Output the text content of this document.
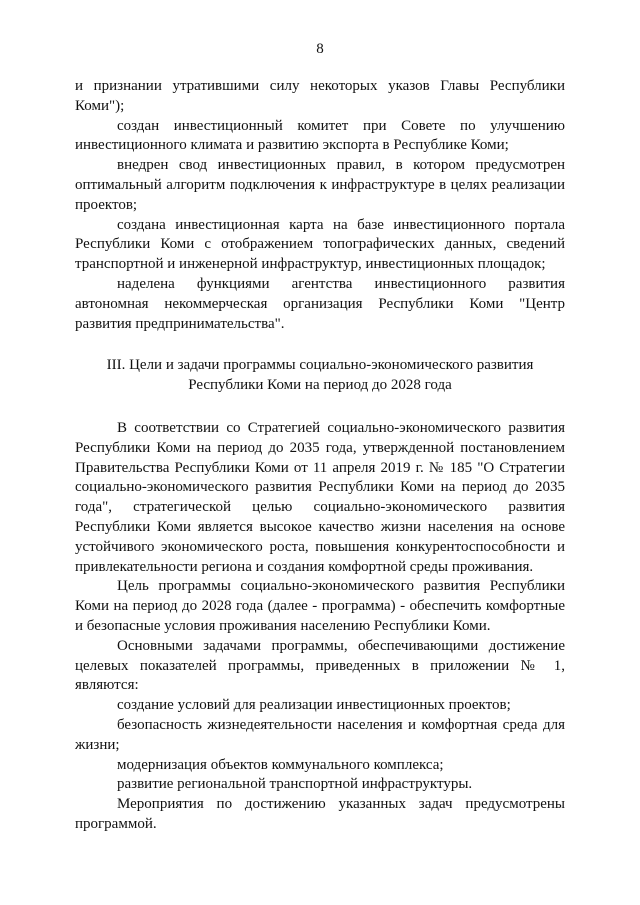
8

и признании утратившими силу некоторых указов Главы Республики Коми");

создан инвестиционный комитет при Совете по улучшению инвестиционного климата и развитию экспорта в Республике Коми;

внедрен свод инвестиционных правил, в котором предусмотрен оптимальный алгоритм подключения к инфраструктуре в целях реализации проектов;

создана инвестиционная карта на базе инвестиционного портала Республики Коми с отображением топографических данных, сведений транспортной и инженерной инфраструктур, инвестиционных площадок;

наделена функциями агентства инвестиционного развития автономная некоммерческая организация Республики Коми "Центр развития предпринимательства".

III. Цели и задачи программы социально-экономического развития

Республики Коми на период до 2028 года

В соответствии со Стратегией социально-экономического развития Республики Коми на период до 2035 года, утвержденной постановлением Правительства Республики Коми от 11 апреля 2019 г. № 185 "О Стратегии социально-экономического развития Республики Коми на период до 2035 года", стратегической целью социально-экономического развития Республики Коми является высокое качество жизни населения на основе устойчивого экономического роста, повышения конкурентоспособности и привлекательности региона и создания комфортной среды проживания.

Цель программы социально-экономического развития Республики Коми на период до 2028 года (далее - программа) - обеспечить комфортные и безопасные условия проживания населению Республики Коми.

Основными задачами программы, обеспечивающими достижение целевых показателей программы, приведенных в приложении № 1, являются:

создание условий для реализации инвестиционных проектов;

безопасность жизнедеятельности населения и комфортная среда для жизни;

модернизация объектов коммунального комплекса;

развитие региональной транспортной инфраструктуры.

Мероприятия по достижению указанных задач предусмотрены программой.
